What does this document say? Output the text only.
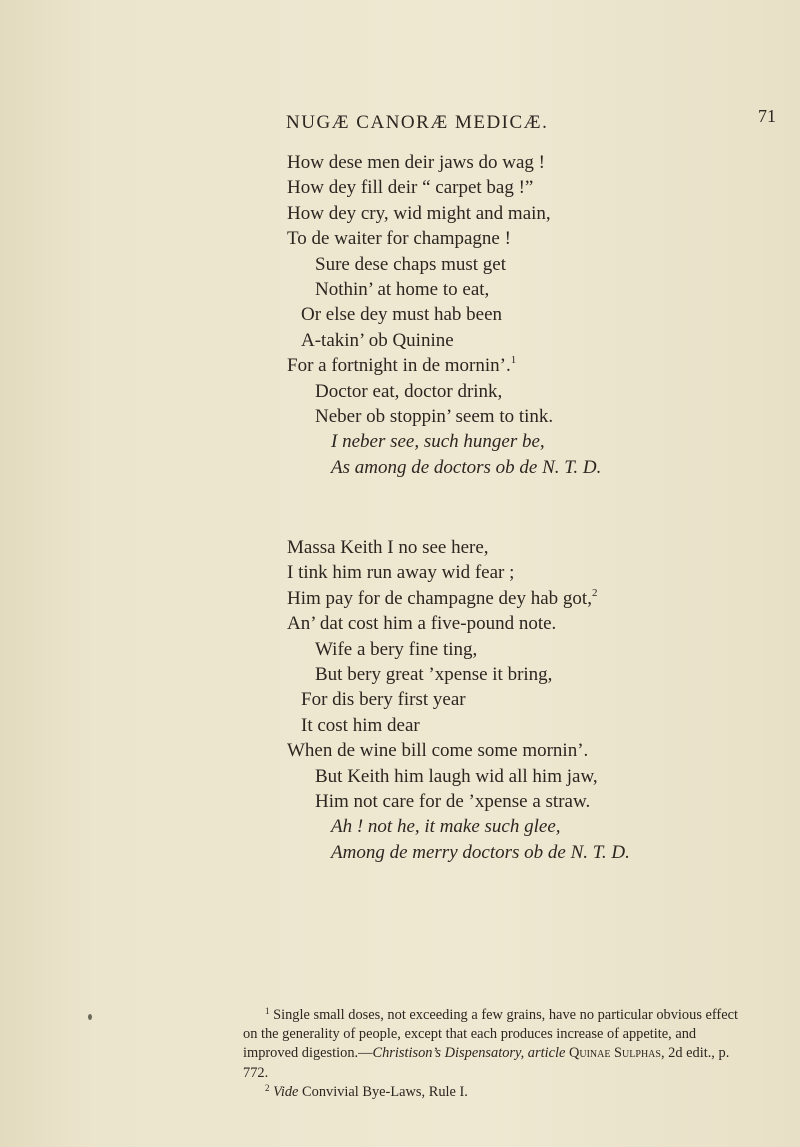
NUGÆ CANORÆ MEDICÆ.	71
How dese men deir jaws do wag !
How dey fill deir “ carpet bag !”
How dey cry, wid might and main,
To de waiter for champagne !
Sure dese chaps must get
Nothin’ at home to eat,
Or else dey must hab been
A-takin’ ob Quinine
For a fortnight in de mornin’.$^1$
Doctor eat, doctor drink,
Neber ob stoppin’ seem to tink.
I neber see, such hunger be,
As among de doctors ob de N. T. D.
Massa Keith I no see here,
I tink him run away wid fear ;
Him pay for de champagne dey hab got,$^2$
An’ dat cost him a five-pound note.
Wife a bery fine ting,
But bery great ’xpense it bring,
For dis bery first year
It cost him dear
When de wine bill come some mornin’.
But Keith him laugh wid all him jaw,
Him not care for de ’xpense a straw.
Ah ! not he, it make such glee,
Among de merry doctors ob de N. T. D.

$^1$ Single small doses, not exceeding a few grains, have no particular obvious effect on the generality of people, except that each produces increase of appetite, and improved digestion.—Christison’s Dispensatory, article Quinae Sulphas, 2d edit., p. 772.

$^2$ Vide Convivial Bye-Laws, Rule I.
